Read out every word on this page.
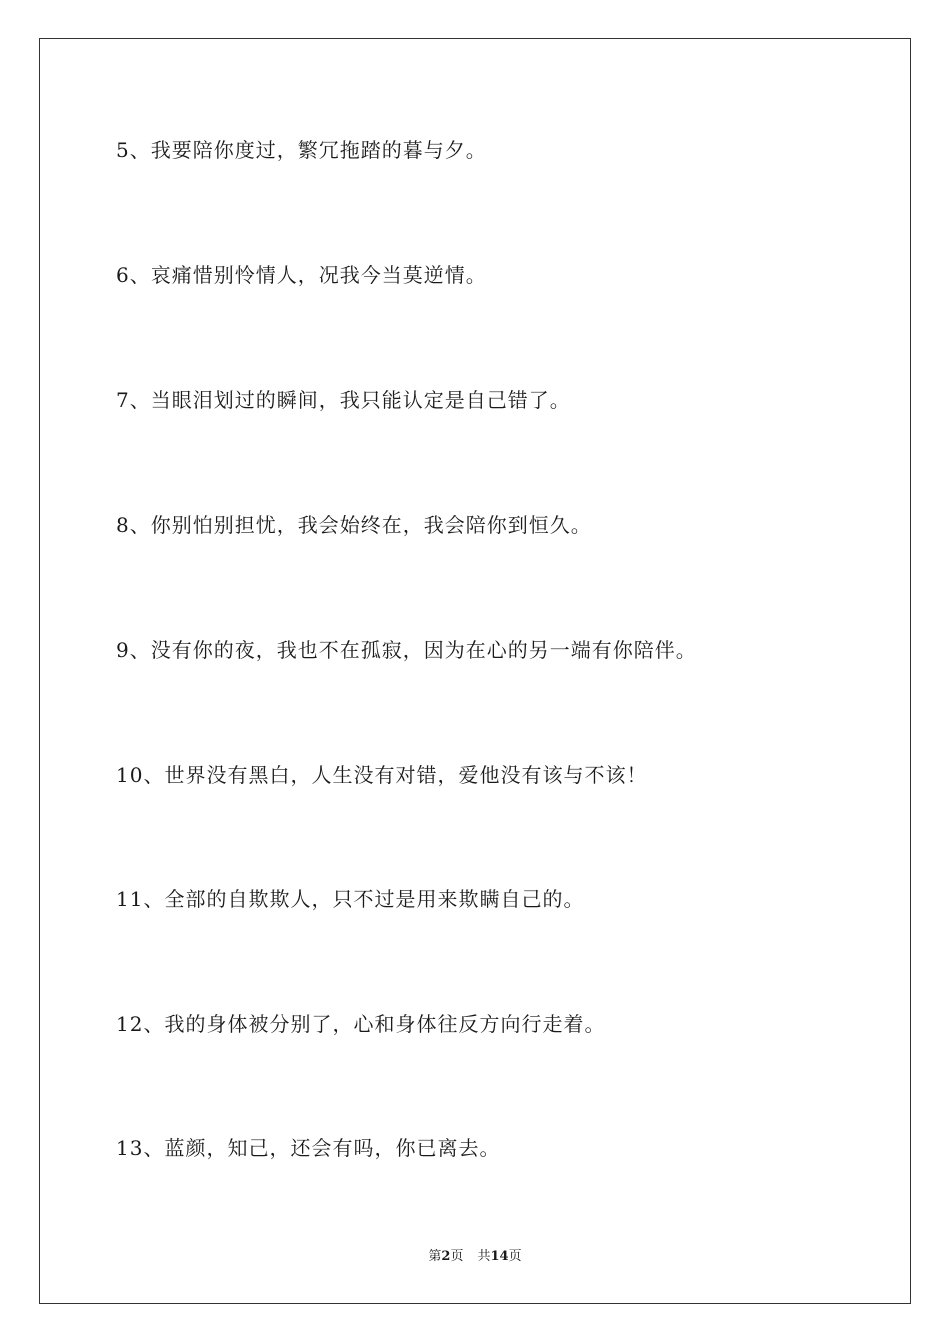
5、我要陪你度过，繁冗拖踏的暮与夕。
6、哀痛惜别怜情人，况我今当莫逆情。
7、当眼泪划过的瞬间，我只能认定是自己错了。
8、你别怕别担忧，我会始终在，我会陪你到恒久。
9、没有你的夜，我也不在孤寂，因为在心的另一端有你陪伴。
10、世界没有黑白，人生没有对错，爱他没有该与不该！
11、全部的自欺欺人，只不过是用来欺瞒自己的。
12、我的身体被分别了，心和身体往反方向行走着。
13、蓝颜，知己，还会有吗，你已离去。
第2页 共14页
